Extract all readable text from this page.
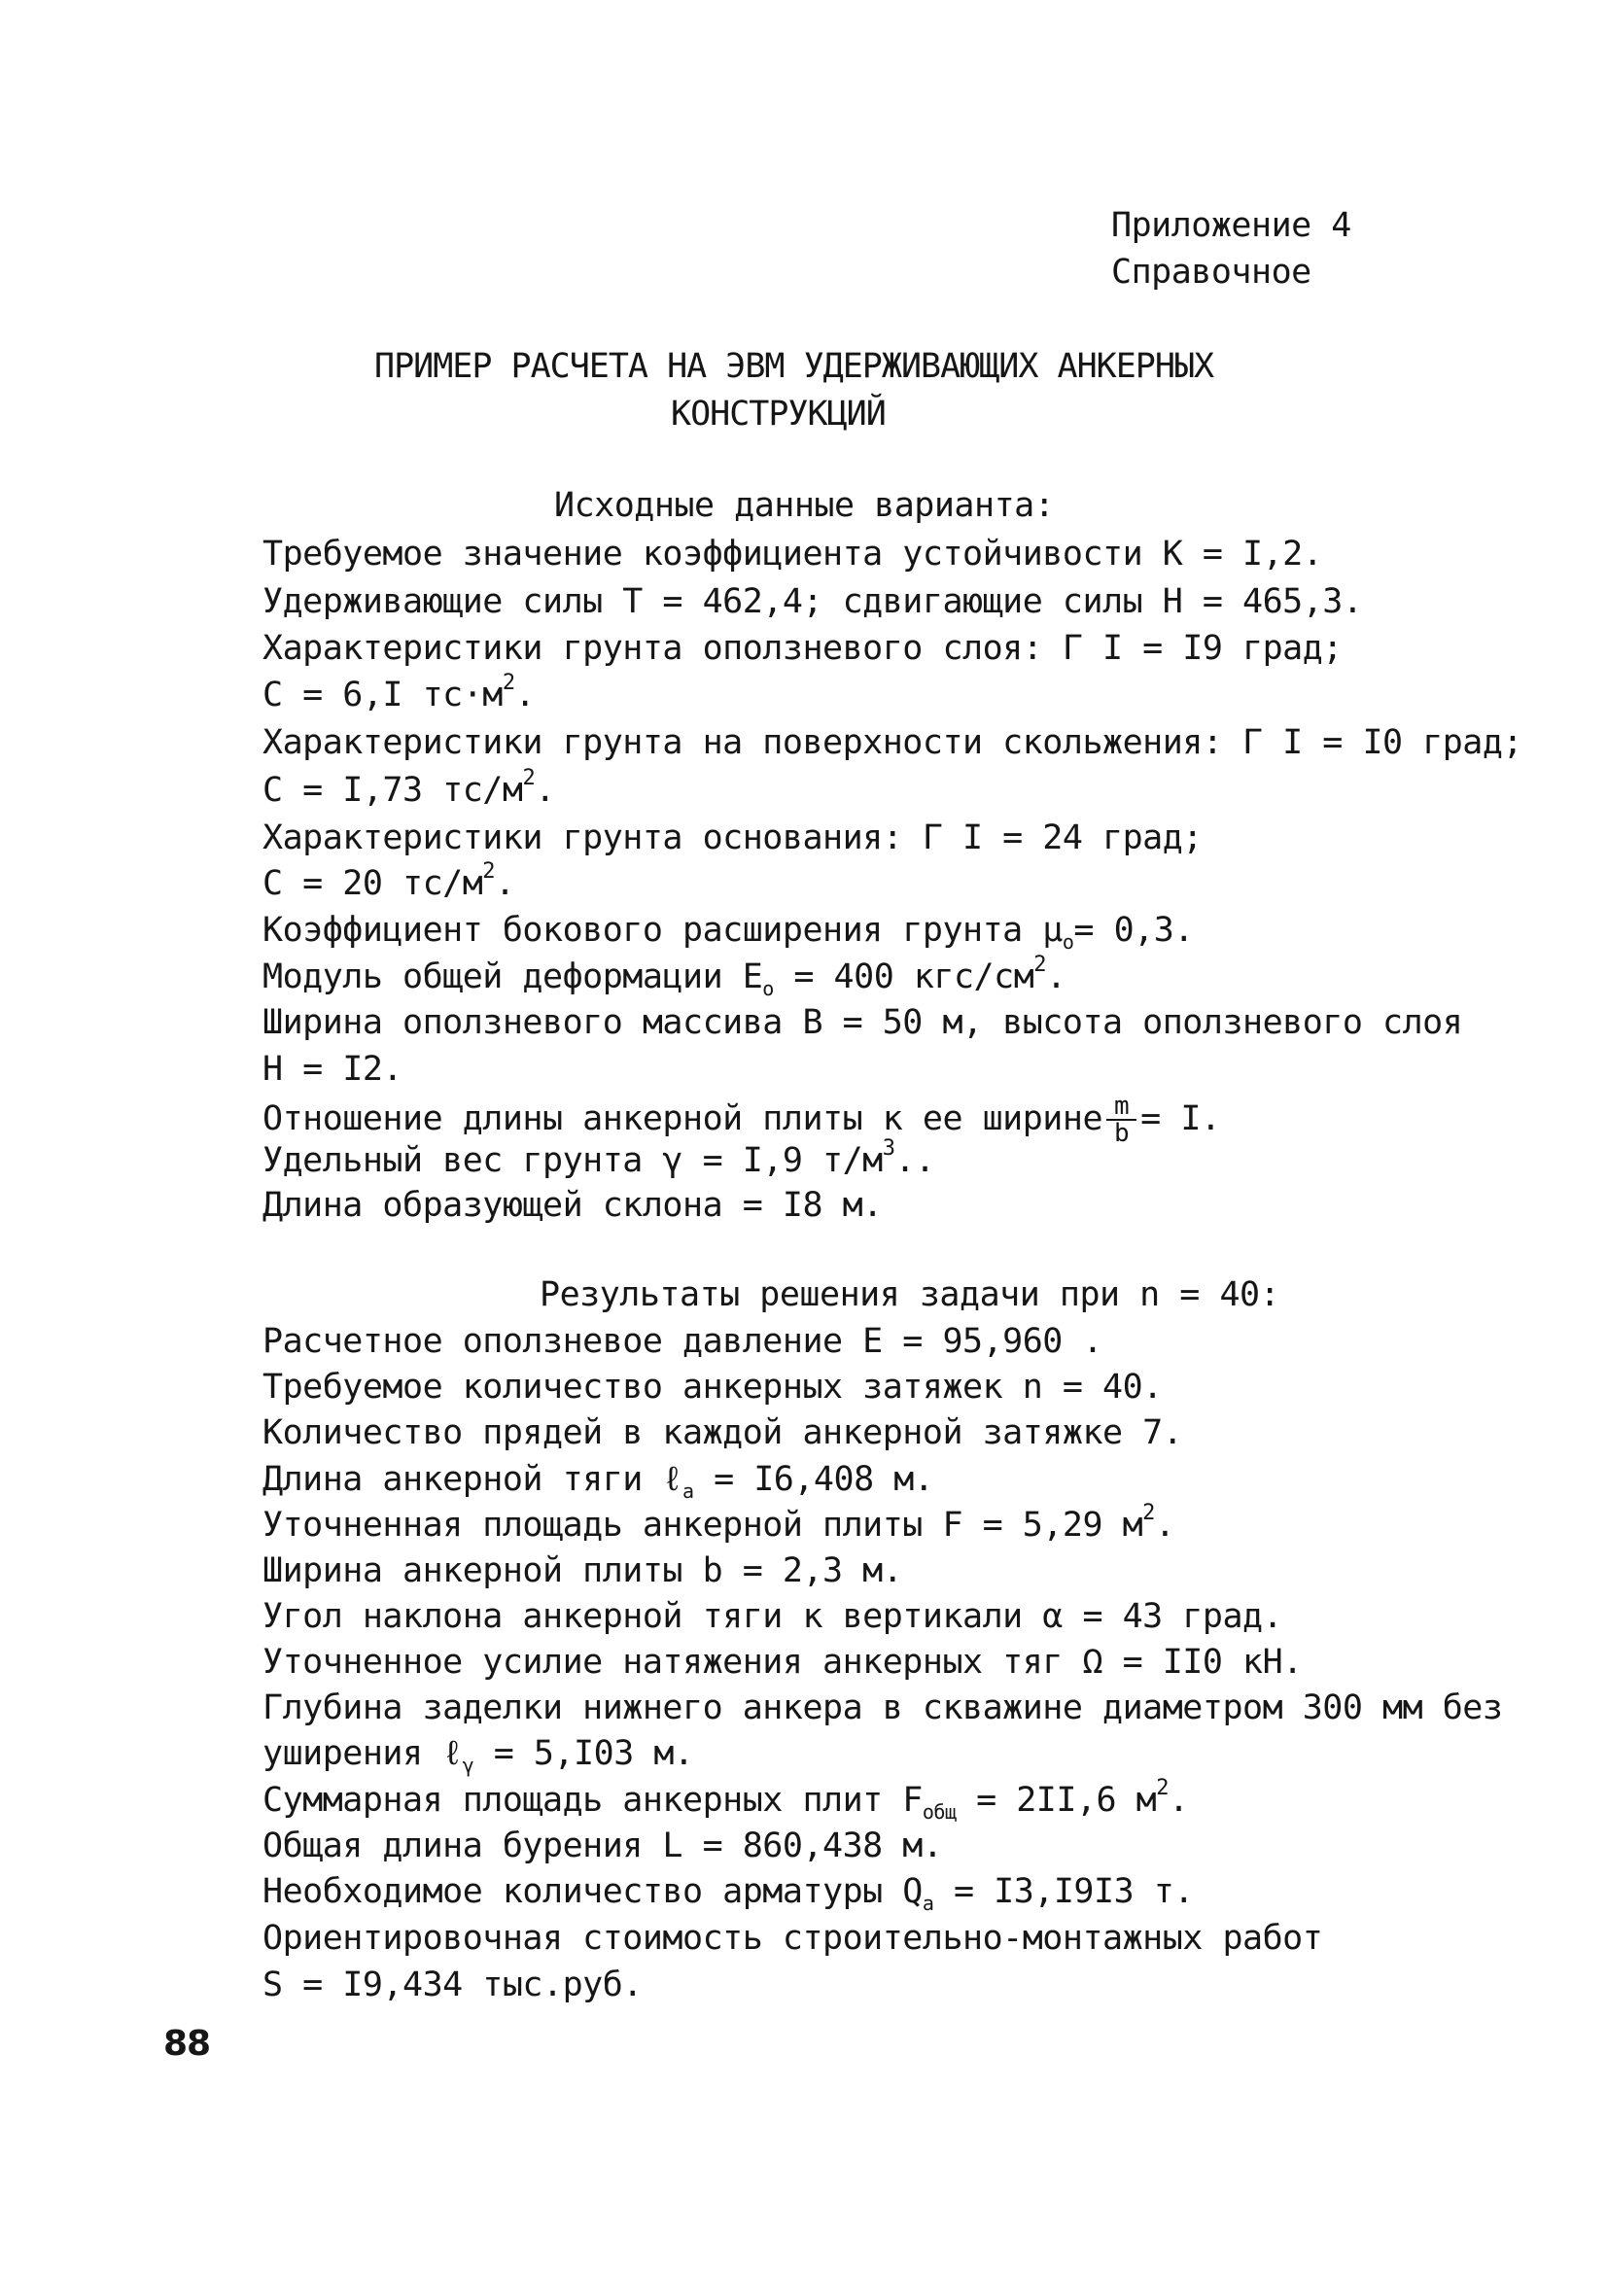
Приложение 4
Справочное
ПРИМЕР РАСЧЕТА НА ЭВМ УДЕРЖИВАЮЩИХ АНКЕРНЫХ
КОНСТРУКЦИЙ
Исходные данные варианта:
Требуемое значение коэффициента устойчивости К = I,2.
Удерживающие силы Т = 462,4; сдвигающие силы Н = 465,3.
Характеристики грунта оползневого слоя: Г I = I9 град;
С = 6,I $тс\cdot м^2$.
Характеристики грунта на поверхности скольжения: Г I = I0 град;
С = I,73 $тс/м^2$.
Характеристики грунта основания: Г I = 24 град;
С = 20 $тс/м^2$.
Коэффициент бокового расширения грунта $\mu_o= 0,3$.
Модуль общей деформации $Е_o = 400$ кгс/$см^2$.
Ширина оползневого массива В = 50 м, высота оползневого слоя
Н = I2.
Отношение длины анкерной плиты к ее ширине $\frac{m}{b} = I$.
Удельный вес грунта γ = I,9 $т/м^3$..
Длина образующей склона = I8 м.
Результаты решения задачи при n = 40:
Расчетное оползневое давление Е = 95,960 .
Требуемое количество анкерных затяжек n = 40.
Количество прядей в каждой анкерной затяжке 7.
Длина анкерной тяги ℓ$_a$ = I6,408 м.
Уточненная площадь анкерной плиты F = 5,29 $м^2$.
Ширина анкерной плиты b = 2,3 м.
Угол наклона анкерной тяги к вертикали α = 43 град.
Уточненное усилие натяжения анкерных тяг Ω = II0 кН.
Глубина заделки нижнего анкера в скважине диаметром 300 мм без
уширения ℓ$_\gamma$ = 5,I03 м.
Суммарная площадь анкерных плит $F_{общ} = 2II,6$ $м^2$.
Общая длина бурения L = 860,438 м.
Необходимое количество арматуры $Q_a = I3,I9I3$ т.
Ориентировочная стоимость строительно-монтажных работ
S = I9,434 тыс.руб.
88
